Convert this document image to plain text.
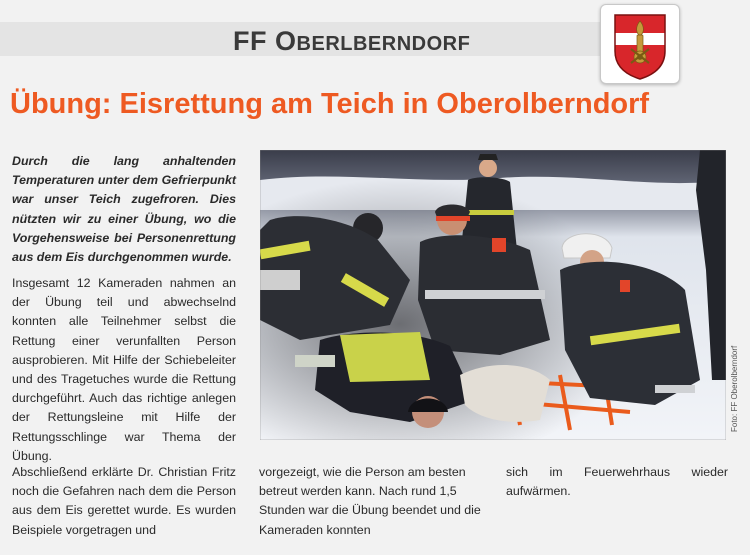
FF OBERLBERNDORF
Übung: Eisrettung am Teich in Oberolberndorf

Durch die lang anhaltenden Temperaturen unter dem Gefrierpunkt war unser Teich zugefroren. Dies nützten wir zu einer Übung, wo die Vorgehensweise bei Personenrettung aus dem Eis durchgenommen wurde.

Insgesamt 12 Kameraden nahmen an der Übung teil und abwechselnd konnten alle Teilnehmer selbst die Rettung einer verunfallten Person ausprobieren. Mit Hilfe der Schiebeleiter und des Tragetuches wurde die Rettung durchgeführt. Auch das richtige anlegen der Rettungsleine mit Hilfe der Rettungsschlinge war Thema der Übung.

Abschließend erklärte Dr. Christian Fritz noch die Gefahren nach dem die Person aus dem Eis gerettet wurde. Es wurden Beispiele vorgetragen und

vorgezeigt, wie die Person am besten betreut werden kann. Nach rund 1,5 Stunden war die Übung beendet und die Kameraden konnten

sich im Feuerwehrhaus wieder aufwärmen.

Foto: FF Oberolberndorf
